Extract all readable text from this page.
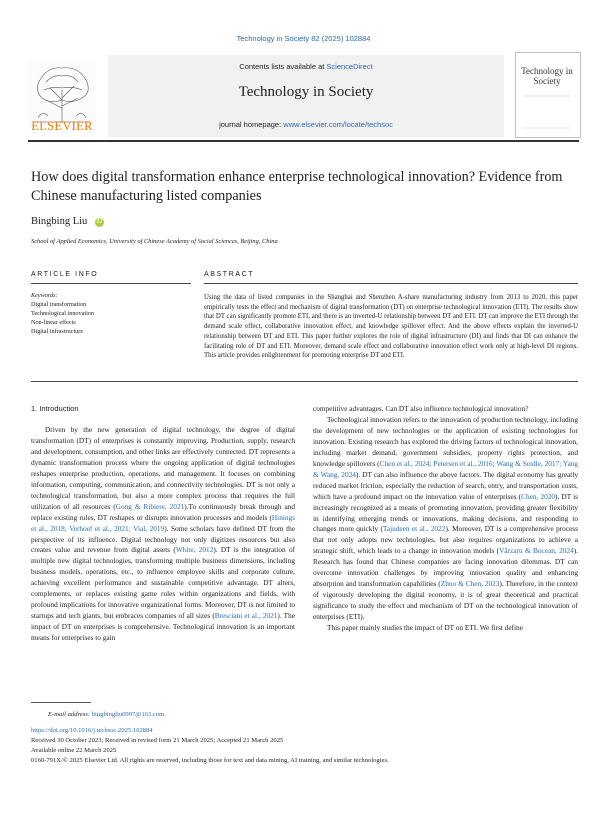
Technology in Society 82 (2025) 102884
ELSEVIER
Contents lists available at ScienceDirect
Technology in Society
journal homepage: www.elsevier.com/locate/techsoc
Technology in Society
How does digital transformation enhance enterprise technological innovation? Evidence from Chinese manufacturing listed companies
Bingbing Liu iD
School of Applied Economics, University of Chinese Academy of Social Sciences, Beijing, China
ARTICLE INFO	ABSTRACT
Keywords:
Digital transformation
Technological innovation
Non-linear effects
Digital infrastructure
Using the data of listed companies in the Shanghai and Shenzhen A-share manufacturing industry from 2013 to 2020, this paper empirically tests the effect and mechanism of digital transformation (DT) on enterprise technological innovation (ETI). The results show that DT can significantly promote ETI, and there is an inverted-U relationship between DT and ETI. DT can improve the ETI through the demand scale effect, collaborative innovation effect, and knowledge spillover effect. And the above effects explain the inverted-U relationship between DT and ETI. This paper further explores the role of digital infrastructure (DI) and finds that DI can enhance the facilitating role of DT and ETI. Moreover, demand scale effect and collaborative innovation effect work only at high-level DI regions. This article provides enlightenment for promoting enterprise DT and ETI.
1. Introduction

Driven by the new generation of digital technology, the degree of digital transformation (DT) of enterprises is constantly improving. Production, supply, research and development, consumption, and other links are effectively connected. DT represents a dynamic transformation process where the ongoing application of digital technologies reshapes enterprise production, operations, and management. It focuses on combining information, computing, communication, and connectivity technologies. DT is not only a technological transformation, but also a more complex process that requires the full utilization of all resources (Gong & Ribiere, 2021).To continuously break through and replace existing rules, DT reshapes or disrupts innovation processes and models (Hinings et al., 2018; Verhoef et al., 2021; Vial, 2019). Some scholars have defined DT from the perspective of its influence. Digital technology not only digitizes resources but also creates value and revenue from digital assets (White, 2012). DT is the integration of multiple new digital technologies, transforming multiple business dimensions, including business models, operations, etc., to influence employee skills and corporate culture, achieving excellent performance and sustainable competitive advantage. DT alters, complements, or replaces existing game rules within organizations and fields, with profound implications for innovative organizational forms. Moreover, DT is not limited to startups and tech giants, but embraces companies of all sizes (Bresciani et al., 2021). The impact of DT on enterprises is comprehensive. Technological innovation is an important means for enterprises to gain

competitive advantages. Can DT also influence technological innovation?

Technological innovation refers to the innovation of production technology, including the development of new technologies or the application of existing technologies for innovation. Existing research has explored the driving factors of technological innovation, including market demand, government subsidies, property rights protection, and knowledge spillovers (Chen et al., 2024; Petersen et al., 2016; Wang & Seidle, 2017; Yang & Wang, 2024). DT can also influence the above factors. The digital economy has greatly reduced market friction, especially the reduction of search, entry, and transportation costs, which have a profound impact on the innovation value of enterprises (Chen, 2020). DT is increasingly recognized as a means of promoting innovation, providing greater flexibility in identifying emerging trends or innovations, making decisions, and responding to changes more quickly (Tajudeen et al., 2022). Moreover, DT is a comprehensive process that not only adopts new technologies, but also requires organizations to achieve a strategic shift, which leads to a change in innovation models (Vărzaru & Bocean, 2024). Research has found that Chinese companies are facing innovation dilemmas. DT can overcome innovation challenges by improving innovation quality and enhancing absorption and transformation capabilities (Zhuo & Chen, 2023). Therefore, in the context of vigorously developing the digital economy, it is of great theoretical and practical significance to study the effect and mechanism of DT on the technological innovation of enterprises (ETI).

This paper mainly studies the impact of DT on ETI. We first define

E-mail address: bingbingliu0907@163.com.
https://doi.org/10.1016/j.techsoc.2025.102884
Received 30 October 2023; Received in revised form 21 March 2025; Accepted 21 March 2025
Available online 22 March 2025
0160-791X/© 2025 Elsevier Ltd. All rights are reserved, including those for text and data mining, AI training, and similar technologies.
